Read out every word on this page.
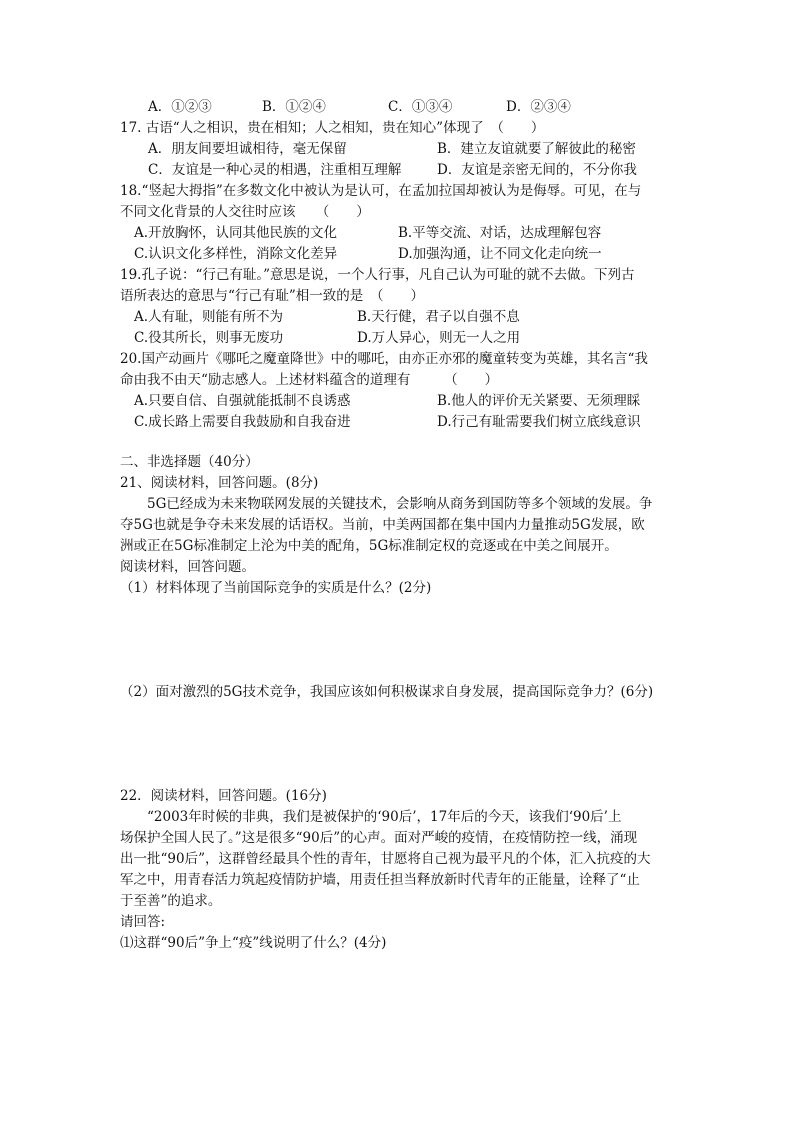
A．①②③	B．①②④	C．①③④	D．②③④
17. 古语“人之相识，贵在相知；人之相知，贵在知心”体现了　（　　）
A．朋友间要坦诚相待，毫无保留	B．建立友谊就要了解彼此的秘密
C．友谊是一种心灵的相遇，注重相互理解	D．友谊是亲密无间的，不分你我
18.“竖起大拇指”在多数文化中被认为是认可，在孟加拉国却被认为是侮辱。可见，在与
不同文化背景的人交往时应该　　（　　）
A.开放胸怀，认同其他民族的文化	B.平等交流、对话，达成理解包容
C.认识文化多样性，消除文化差异	D.加强沟通，让不同文化走向统一
19.孔子说：“行己有耻。”意思是说，一个人行事，凡自己认为可耻的就不去做。下列古
语所表达的意思与“行己有耻”相一致的是　（　　）
A.人有耻，则能有所不为	B.天行健，君子以自强不息
C.役其所长，则事无废功	D.万人异心，则无一人之用
20.国产动画片《哪吒之魔童降世》中的哪吒，由亦正亦邪的魔童转变为英雄，其名言“我
命由我不由天“励志感人。上述材料蕴含的道理有　　　（　　）
A.只要自信、自强就能抵制不良诱惑	B.他人的评价无关紧要、无须理睬
C.成长路上需要自我鼓励和自我奋进	D.行己有耻需要我们树立底线意识
二、非选择题（40分）
21、阅读材料，回答问题。(8分)
　　5G已经成为未来物联网发展的关键技术，会影响从商务到国防等多个领域的发展。争
夺5G也就是争夺未来发展的话语权。当前，中美两国都在集中国内力量推动5G发展，欧
洲或正在5G标准制定上沦为中美的配角，5G标准制定权的竞逐或在中美之间展开。
阅读材料，回答问题。
（1）材料体现了当前国际竞争的实质是什么？(2分)
（2）面对激烈的5G技术竞争，我国应该如何积极谋求自身发展，提高国际竞争力？(6分)
22．阅读材料，回答问题。(16分)
　　“2003年时候的非典，我们是被保护的‘90后’，17年后的今天，该我们‘90后’上
场保护全国人民了。”这是很多“90后”的心声。面对严峻的疫情，在疫情防控一线，涌现
出一批“90后”，这群曾经最具个性的青年，甘愿将自己视为最平凡的个体，汇入抗疫的大
军之中，用青春活力筑起疫情防护墙，用责任担当释放新时代青年的正能量，诠释了“止
于至善”的追求。
请回答:
⑴这群“90后”争上“疫”线说明了什么？(4分)
